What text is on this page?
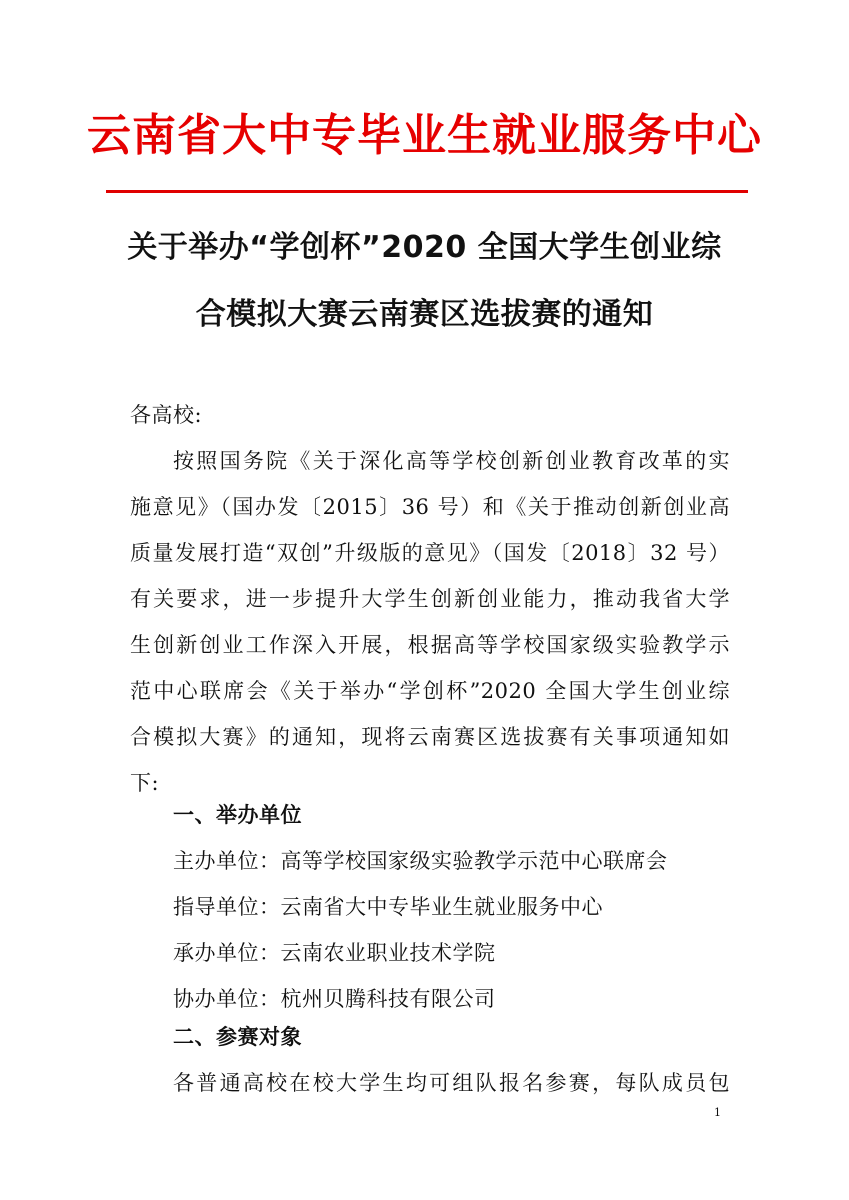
云南省大中专毕业生就业服务中心
关于举办“学创杯”2020 全国大学生创业综
合模拟大赛云南赛区选拔赛的通知
各高校:
按照国务院《关于深化高等学校创新创业教育改革的实
施意见》（国办发〔2015〕36 号）和《关于推动创新创业高
质量发展打造“双创”升级版的意见》（国发〔2018〕32 号）
有关要求，进一步提升大学生创新创业能力，推动我省大学
生创新创业工作深入开展，根据高等学校国家级实验教学示
范中心联席会《关于举办“学创杯”2020 全国大学生创业综
合模拟大赛》的通知，现将云南赛区选拔赛有关事项通知如
下:
一、举办单位
主办单位：高等学校国家级实验教学示范中心联席会
指导单位：云南省大中专毕业生就业服务中心
承办单位：云南农业职业技术学院
协办单位：杭州贝腾科技有限公司
二、参赛对象
各普通高校在校大学生均可组队报名参赛，每队成员包
1
